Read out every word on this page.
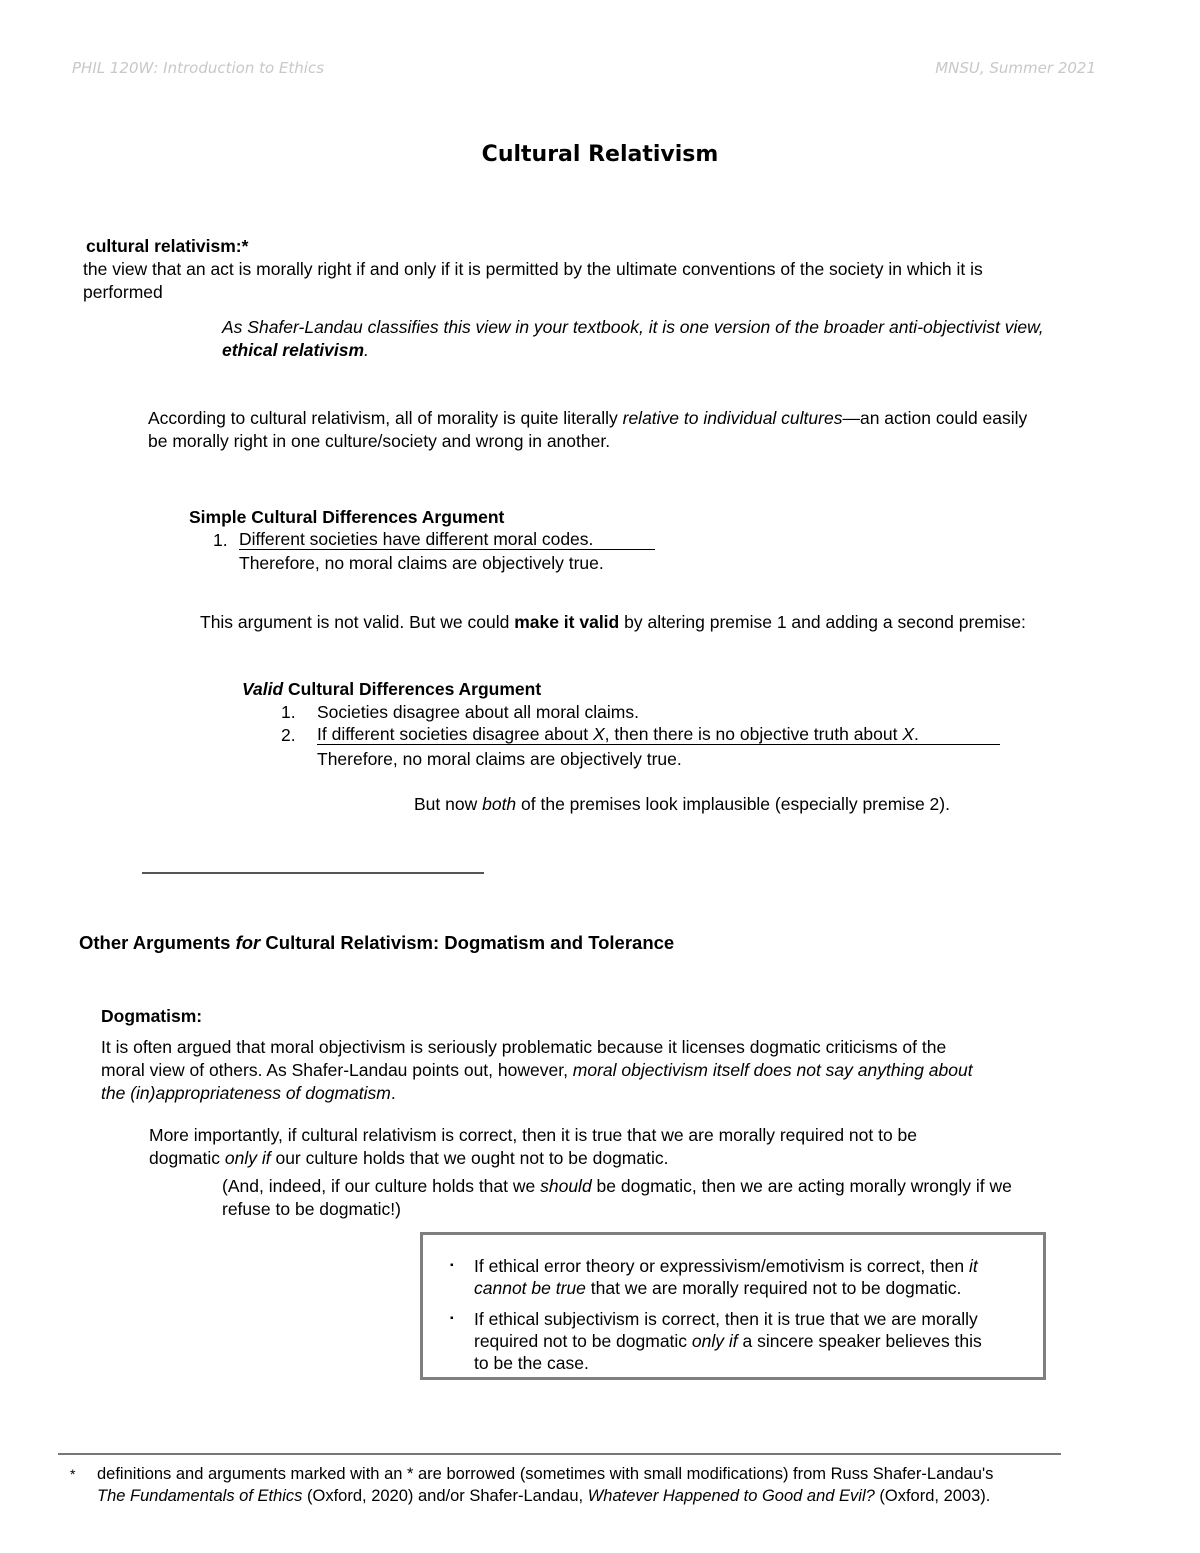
PHIL 120W: Introduction to Ethics	MNSU, Summer 2021
Cultural Relativism
cultural relativism:*
the view that an act is morally right if and only if it is permitted by the ultimate conventions of the society in which it is
performed
As Shafer-Landau classifies this view in your textbook, it is one version of the broader anti-objectivist view,
ethical relativism.
According to cultural relativism, all of morality is quite literally relative to individual cultures—an action could easily
be morally right in one culture/society and wrong in another.
Simple Cultural Differences Argument
1. Different societies have different moral codes.
Therefore, no moral claims are objectively true.
This argument is not valid. But we could make it valid by altering premise 1 and adding a second premise:
Valid Cultural Differences Argument
1. Societies disagree about all moral claims.
2. If different societies disagree about X, then there is no objective truth about X.
Therefore, no moral claims are objectively true.
But now both of the premises look implausible (especially premise 2).
Other Arguments for Cultural Relativism: Dogmatism and Tolerance
Dogmatism:
It is often argued that moral objectivism is seriously problematic because it licenses dogmatic criticisms of the
moral view of others. As Shafer-Landau points out, however, moral objectivism itself does not say anything about
the (in)appropriateness of dogmatism.
More importantly, if cultural relativism is correct, then it is true that we are morally required not to be
dogmatic only if our culture holds that we ought not to be dogmatic.
(And, indeed, if our culture holds that we should be dogmatic, then we are acting morally wrongly if we
refuse to be dogmatic!)
▪ If ethical error theory or expressivism/emotivism is correct, then it
cannot be true that we are morally required not to be dogmatic.
▪ If ethical subjectivism is correct, then it is true that we are morally
required not to be dogmatic only if a sincere speaker believes this
to be the case.
* definitions and arguments marked with an * are borrowed (sometimes with small modifications) from Russ Shafer-Landau's
The Fundamentals of Ethics (Oxford, 2020) and/or Shafer-Landau, Whatever Happened to Good and Evil? (Oxford, 2003).
